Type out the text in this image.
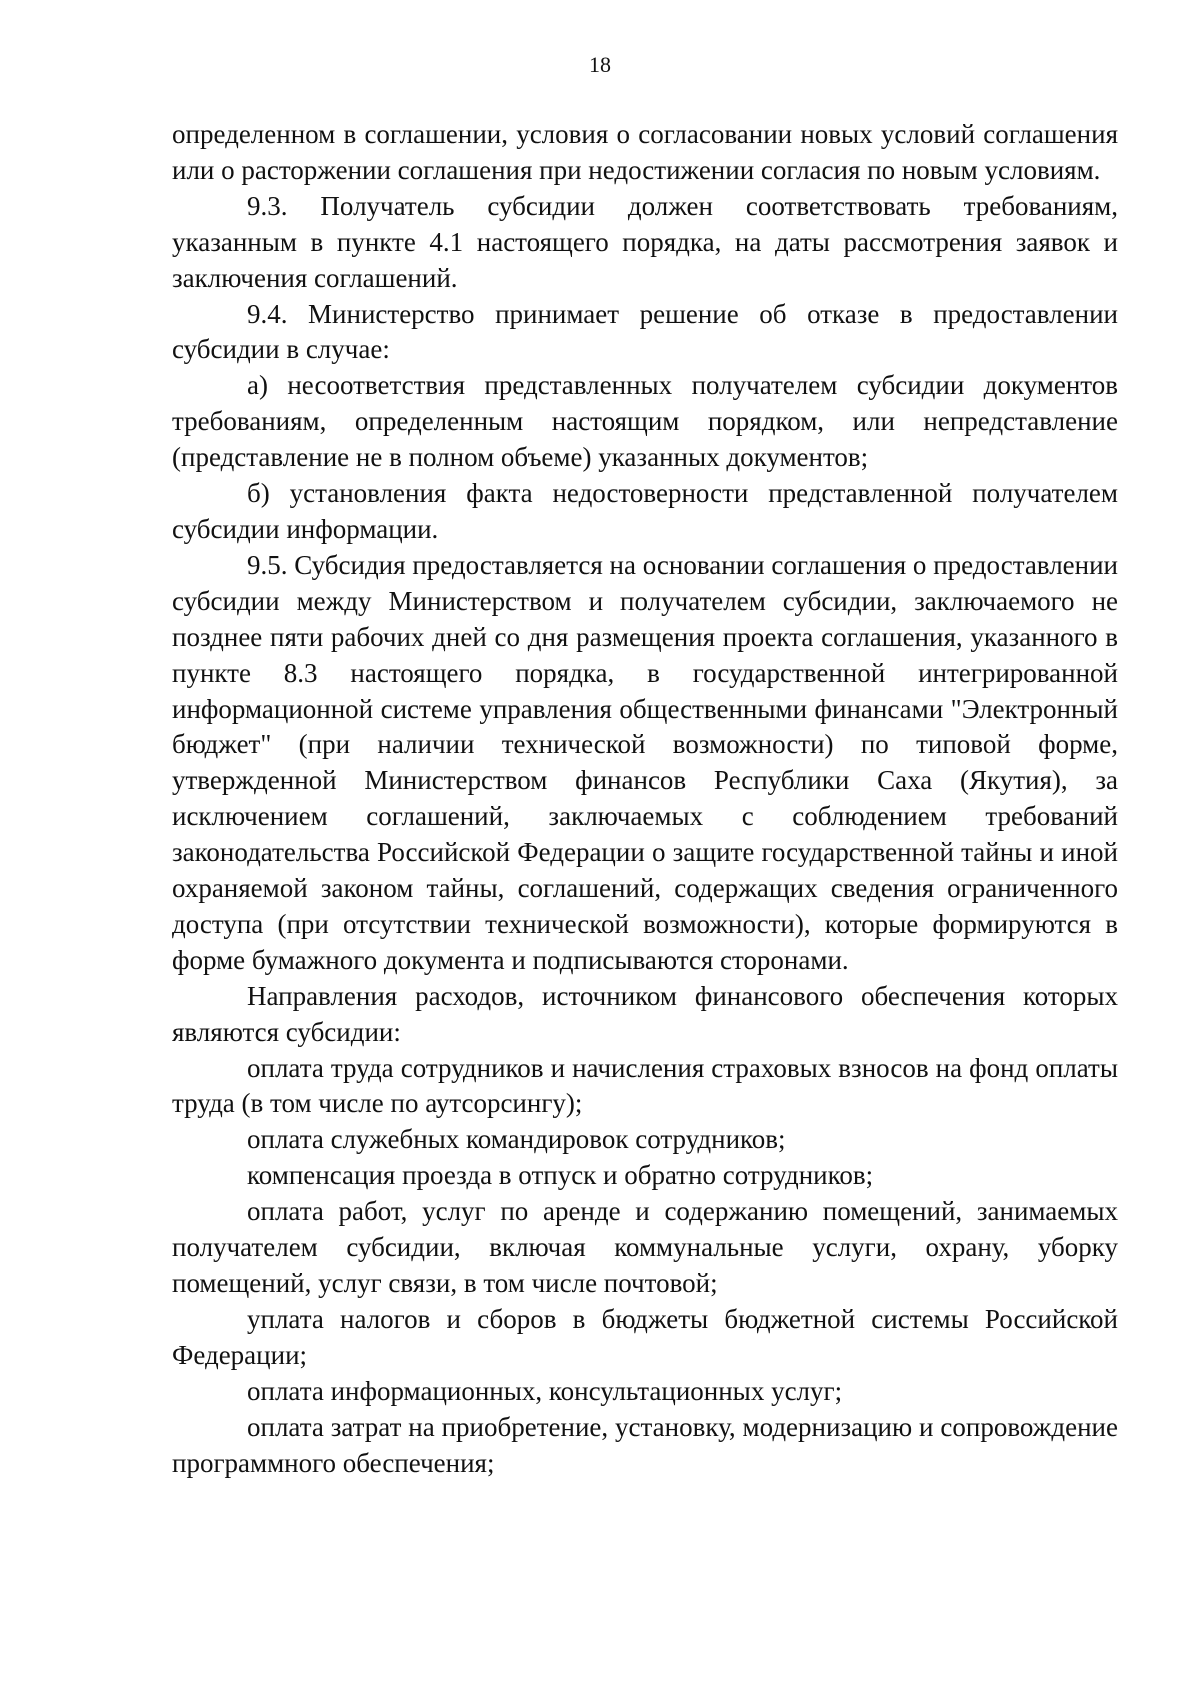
18

определенном в соглашении, условия о согласовании новых условий соглашения или о расторжении соглашения при недостижении согласия по новым условиям.

9.3. Получатель субсидии должен соответствовать требованиям, указанным в пункте 4.1 настоящего порядка, на даты рассмотрения заявок и заключения соглашений.

9.4. Министерство принимает решение об отказе в предоставлении субсидии в случае:

а) несоответствия представленных получателем субсидии документов требованиям, определенным настоящим порядком, или непредставление (представление не в полном объеме) указанных документов;

б) установления факта недостоверности представленной получателем субсидии информации.

9.5. Субсидия предоставляется на основании соглашения о предоставлении субсидии между Министерством и получателем субсидии, заключаемого не позднее пяти рабочих дней со дня размещения проекта соглашения, указанного в пункте 8.3 настоящего порядка, в государственной интегрированной информационной системе управления общественными финансами "Электронный бюджет" (при наличии технической возможности) по типовой форме, утвержденной Министерством финансов Республики Саха (Якутия), за исключением соглашений, заключаемых с соблюдением требований законодательства Российской Федерации о защите государственной тайны и иной охраняемой законом тайны, соглашений, содержащих сведения ограниченного доступа (при отсутствии технической возможности), которые формируются в форме бумажного документа и подписываются сторонами.

Направления расходов, источником финансового обеспечения которых являются субсидии:

оплата труда сотрудников и начисления страховых взносов на фонд оплаты труда (в том числе по аутсорсингу);

оплата служебных командировок сотрудников;

компенсация проезда в отпуск и обратно сотрудников;

оплата работ, услуг по аренде и содержанию помещений, занимаемых получателем субсидии, включая коммунальные услуги, охрану, уборку помещений, услуг связи, в том числе почтовой;

уплата налогов и сборов в бюджеты бюджетной системы Российской Федерации;

оплата информационных, консультационных услуг;

оплата затрат на приобретение, установку, модернизацию и сопровождение программного обеспечения;
